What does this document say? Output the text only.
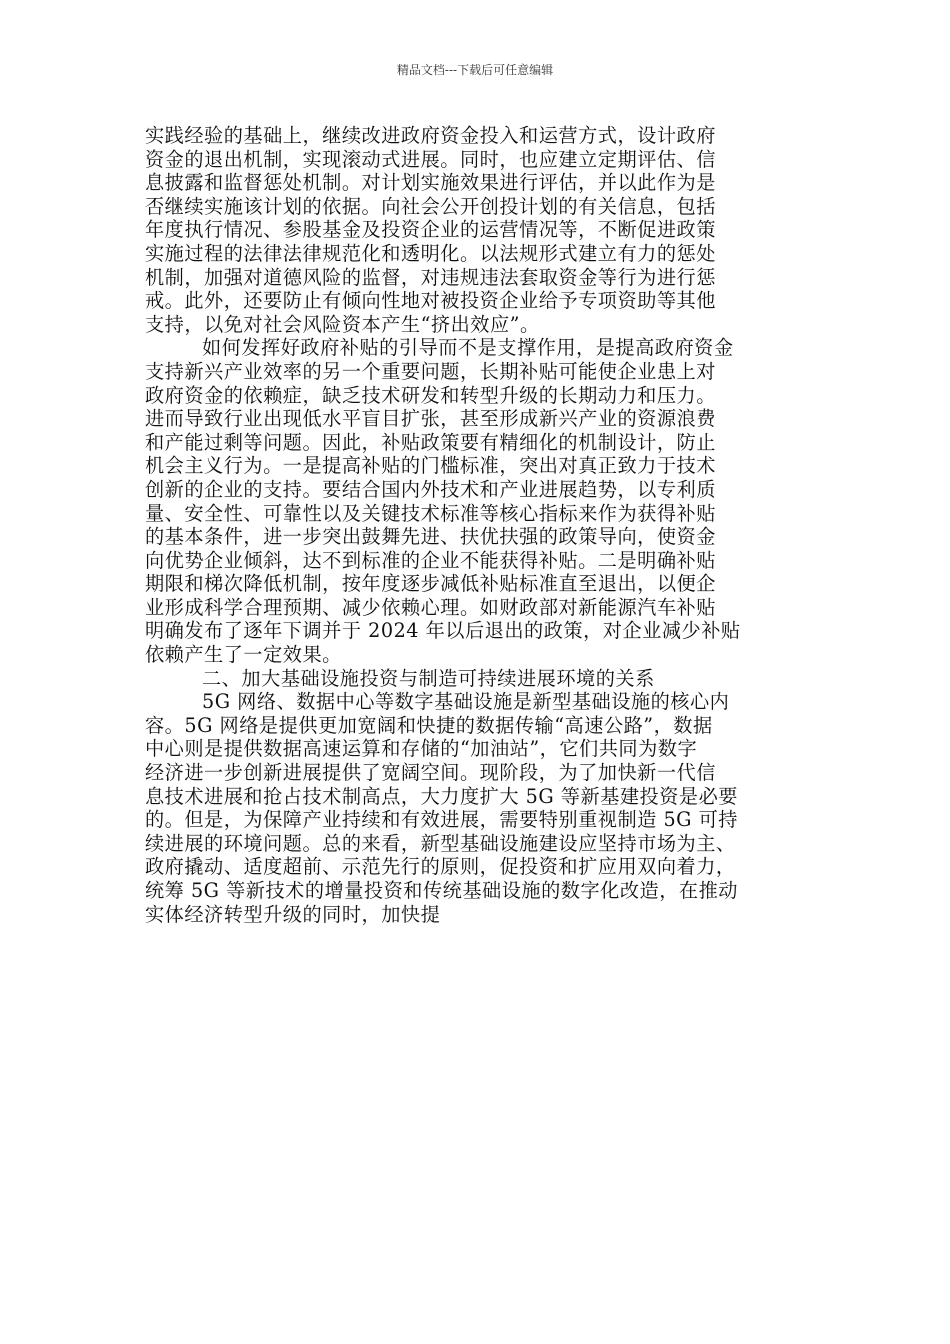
精品文档---下载后可任意编辑
实践经验的基础上，继续改进政府资金投入和运营方式，设计政府
资金的退出机制，实现滚动式进展。同时，也应建立定期评估、信
息披露和监督惩处机制。对计划实施效果进行评估，并以此作为是
否继续实施该计划的依据。向社会公开创投计划的有关信息，包括
年度执行情况、参股基金及投资企业的运营情况等，不断促进政策
实施过程的法律法律规范化和透明化。以法规形式建立有力的惩处
机制，加强对道德风险的监督，对违规违法套取资金等行为进行惩
戒。此外，还要防止有倾向性地对被投资企业给予专项资助等其他
支持，以免对社会风险资本产生“挤出效应”。
如何发挥好政府补贴的引导而不是支撑作用，是提高政府资金
支持新兴产业效率的另一个重要问题，长期补贴可能使企业患上对
政府资金的依赖症，缺乏技术研发和转型升级的长期动力和压力。
进而导致行业出现低水平盲目扩张，甚至形成新兴产业的资源浪费
和产能过剩等问题。因此，补贴政策要有精细化的机制设计，防止
机会主义行为。一是提高补贴的门槛标准，突出对真正致力于技术
创新的企业的支持。要结合国内外技术和产业进展趋势，以专利质
量、安全性、可靠性以及关键技术标准等核心指标来作为获得补贴
的基本条件，进一步突出鼓舞先进、扶优扶强的政策导向，使资金
向优势企业倾斜，达不到标准的企业不能获得补贴。二是明确补贴
期限和梯次降低机制，按年度逐步减低补贴标准直至退出，以便企
业形成科学合理预期、减少依赖心理。如财政部对新能源汽车补贴
明确发布了逐年下调并于 2024 年以后退出的政策，对企业减少补贴
依赖产生了一定效果。
二、加大基础设施投资与制造可持续进展环境的关系
5G 网络、数据中心等数字基础设施是新型基础设施的核心内
容。5G 网络是提供更加宽阔和快捷的数据传输“高速公路”，数据
中心则是提供数据高速运算和存储的“加油站”，它们共同为数字
经济进一步创新进展提供了宽阔空间。现阶段，为了加快新一代信
息技术进展和抢占技术制高点，大力度扩大 5G 等新基建投资是必要
的。但是，为保障产业持续和有效进展，需要特别重视制造 5G 可持
续进展的环境问题。总的来看，新型基础设施建设应坚持市场为主、
政府撬动、适度超前、示范先行的原则，促投资和扩应用双向着力，
统筹 5G 等新技术的增量投资和传统基础设施的数字化改造，在推动
实体经济转型升级的同时，加快提
